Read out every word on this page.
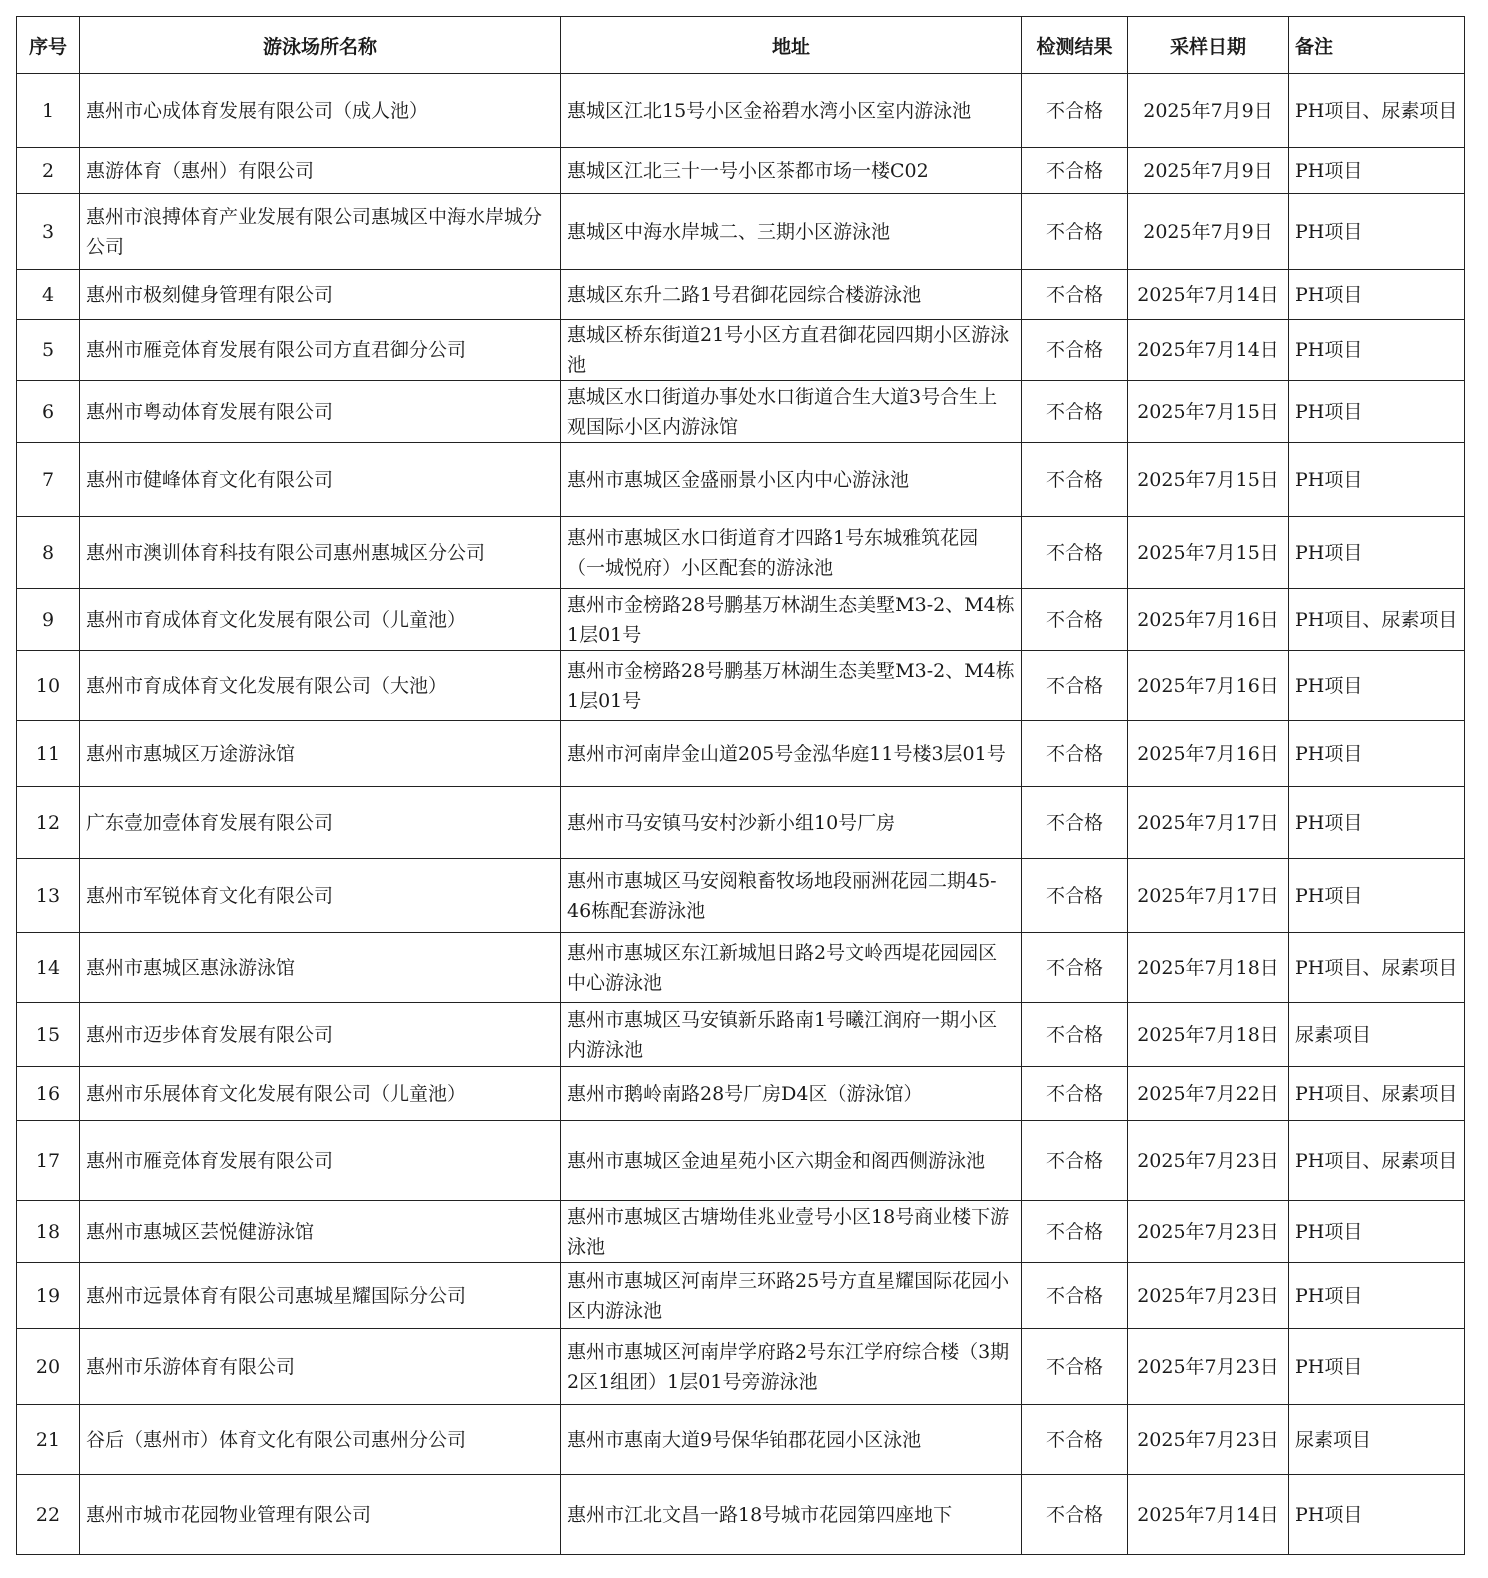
序号	游泳场所名称	地址	检测结果	采样日期	备注
1	惠州市心成体育发展有限公司（成人池）	惠城区江北15号小区金裕碧水湾小区室内游泳池	不合格	2025年7月9日	PH项目、尿素项目
2	惠游体育（惠州）有限公司	惠城区江北三十一号小区茶都市场一楼C02	不合格	2025年7月9日	PH项目
3	惠州市浪搏体育产业发展有限公司惠城区中海水岸城分公司	惠城区中海水岸城二、三期小区游泳池	不合格	2025年7月9日	PH项目
4	惠州市极刻健身管理有限公司	惠城区东升二路1号君御花园综合楼游泳池	不合格	2025年7月14日	PH项目
5	惠州市雁竞体育发展有限公司方直君御分公司	惠城区桥东街道21号小区方直君御花园四期小区游泳池	不合格	2025年7月14日	PH项目
6	惠州市粤动体育发展有限公司	惠城区水口街道办事处水口街道合生大道3号合生上观国际小区内游泳馆	不合格	2025年7月15日	PH项目
7	惠州市健峰体育文化有限公司	惠州市惠城区金盛丽景小区内中心游泳池	不合格	2025年7月15日	PH项目
8	惠州市澳训体育科技有限公司惠州惠城区分公司	惠州市惠城区水口街道育才四路1号东城雅筑花园（一城悦府）小区配套的游泳池	不合格	2025年7月15日	PH项目
9	惠州市育成体育文化发展有限公司（儿童池）	惠州市金榜路28号鹏基万林湖生态美墅M3-2、M4栋1层01号	不合格	2025年7月16日	PH项目、尿素项目
10	惠州市育成体育文化发展有限公司（大池）	惠州市金榜路28号鹏基万林湖生态美墅M3-2、M4栋1层01号	不合格	2025年7月16日	PH项目
11	惠州市惠城区万途游泳馆	惠州市河南岸金山道205号金泓华庭11号楼3层01号	不合格	2025年7月16日	PH项目
12	广东壹加壹体育发展有限公司	惠州市马安镇马安村沙新小组10号厂房	不合格	2025年7月17日	PH项目
13	惠州市军锐体育文化有限公司	惠州市惠城区马安阅粮畜牧场地段丽洲花园二期45-46栋配套游泳池	不合格	2025年7月17日	PH项目
14	惠州市惠城区惠泳游泳馆	惠州市惠城区东江新城旭日路2号文岭西堤花园园区中心游泳池	不合格	2025年7月18日	PH项目、尿素项目
15	惠州市迈步体育发展有限公司	惠州市惠城区马安镇新乐路南1号曦江润府一期小区内游泳池	不合格	2025年7月18日	尿素项目
16	惠州市乐展体育文化发展有限公司（儿童池）	惠州市鹅岭南路28号厂房D4区（游泳馆）	不合格	2025年7月22日	PH项目、尿素项目
17	惠州市雁竞体育发展有限公司	惠州市惠城区金迪星苑小区六期金和阁西侧游泳池	不合格	2025年7月23日	PH项目、尿素项目
18	惠州市惠城区芸悦健游泳馆	惠州市惠城区古塘坳佳兆业壹号小区18号商业楼下游泳池	不合格	2025年7月23日	PH项目
19	惠州市远景体育有限公司惠城星耀国际分公司	惠州市惠城区河南岸三环路25号方直星耀国际花园小区内游泳池	不合格	2025年7月23日	PH项目
20	惠州市乐游体育有限公司	惠州市惠城区河南岸学府路2号东江学府综合楼（3期2区1组团）1层01号旁游泳池	不合格	2025年7月23日	PH项目
21	谷后（惠州市）体育文化有限公司惠州分公司	惠州市惠南大道9号保华铂郡花园小区泳池	不合格	2025年7月23日	尿素项目
22	惠州市城市花园物业管理有限公司	惠州市江北文昌一路18号城市花园第四座地下	不合格	2025年7月14日	PH项目
